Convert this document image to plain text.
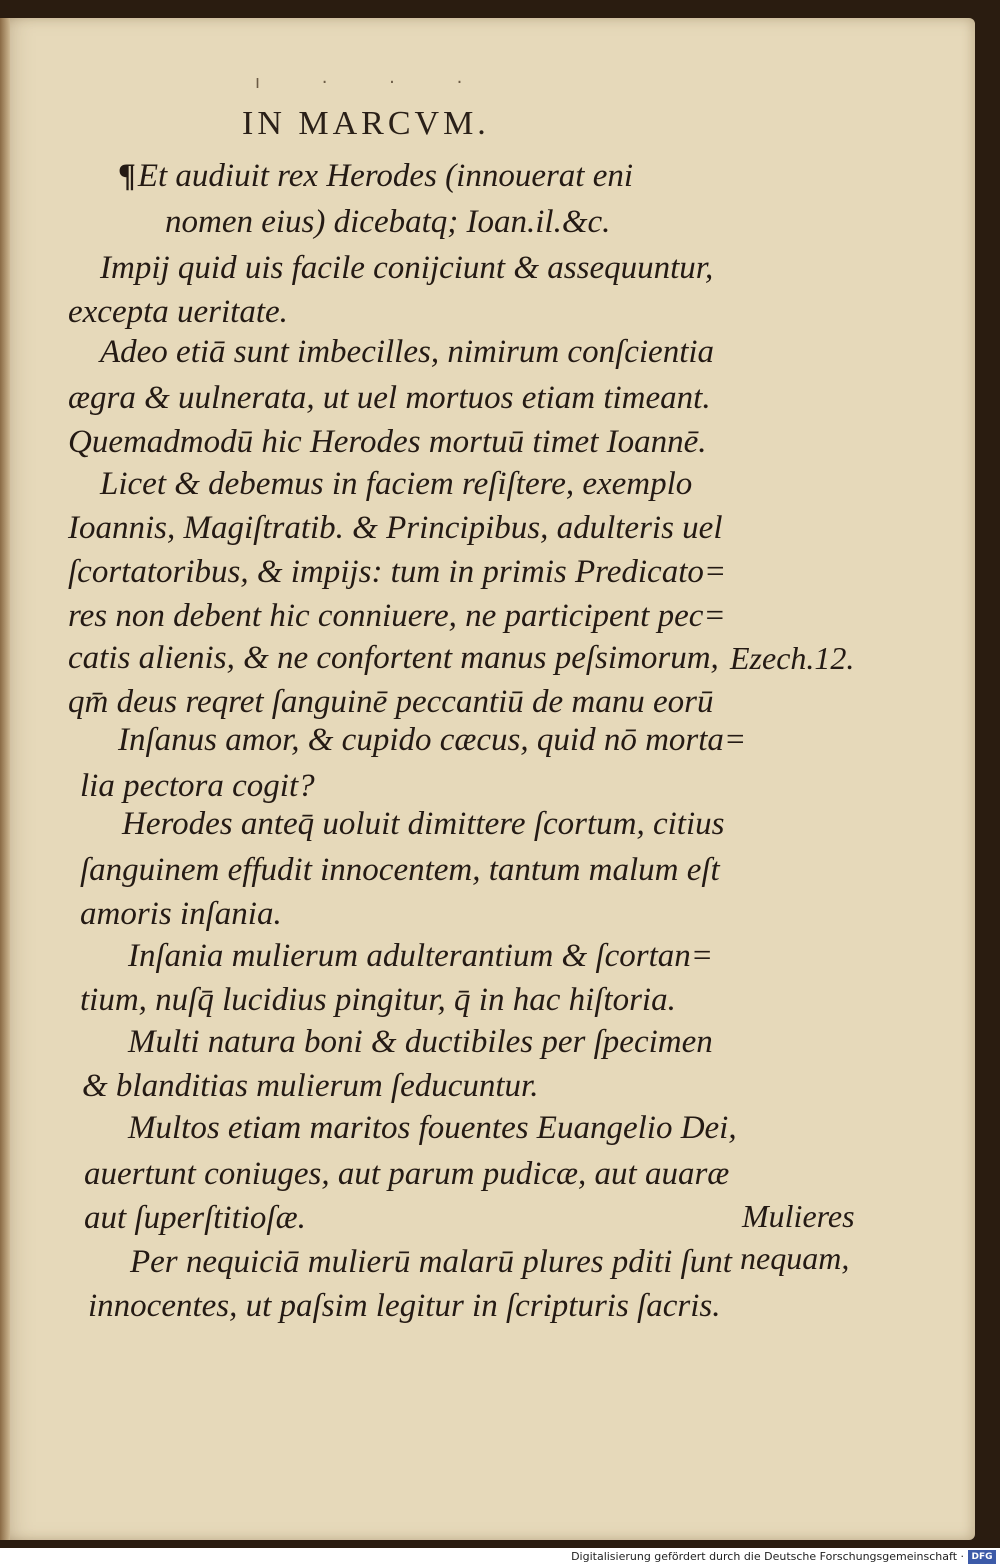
ı · · ·
IN MARCVM.
¶Et audiuit rex Herodes (innouerat eni
nomen eius) dicebatq; Ioan.il.&c.
Impij quid uis facile conijciunt & assequuntur,
excepta ueritate.
Adeo etiā sunt imbecilles, nimirum conſcientia
ægra & uulnerata, ut uel mortuos etiam timeant.
Quemadmodū hic Herodes mortuū timet Ioannē.
Licet & debemus in faciem reſiſtere, exemplo
Ioannis, Magiſtratib. & Principibus, adulteris uel
ſcortatoribus, & impijs: tum in primis Predicato=
res non debent hic conniuere, ne participent pec=
catis alienis, & ne confortent manus peſsimorum,
qm̄ deus reqret ſanguinē peccantiū de manu eorū
Inſanus amor, & cupido cæcus, quid nō morta=
lia pectora cogit?
Herodes anteq̄ uoluit dimittere ſcortum, citius
ſanguinem effudit innocentem, tantum malum eſt
amoris inſania.
Inſania mulierum adulterantium & ſcortan=
tium, nuſq̄ lucidius pingitur, q̄ in hac hiſtoria.
Multi natura boni & ductibiles per ſpecimen
& blanditias mulierum ſeducuntur.
Multos etiam maritos fouentes Euangelio Dei,
auertunt coniuges, aut parum pudicæ, aut auaræ
aut ſuperſtitioſæ.
Per nequiciā mulierū malarū plures pditi ſunt
innocentes, ut paſsim legitur in ſcripturis ſacris.
Ezech.12.
Mulieres
nequam,
Digitalisierung gefördert durch die Deutsche Forschungsgemeinschaft · DFG
